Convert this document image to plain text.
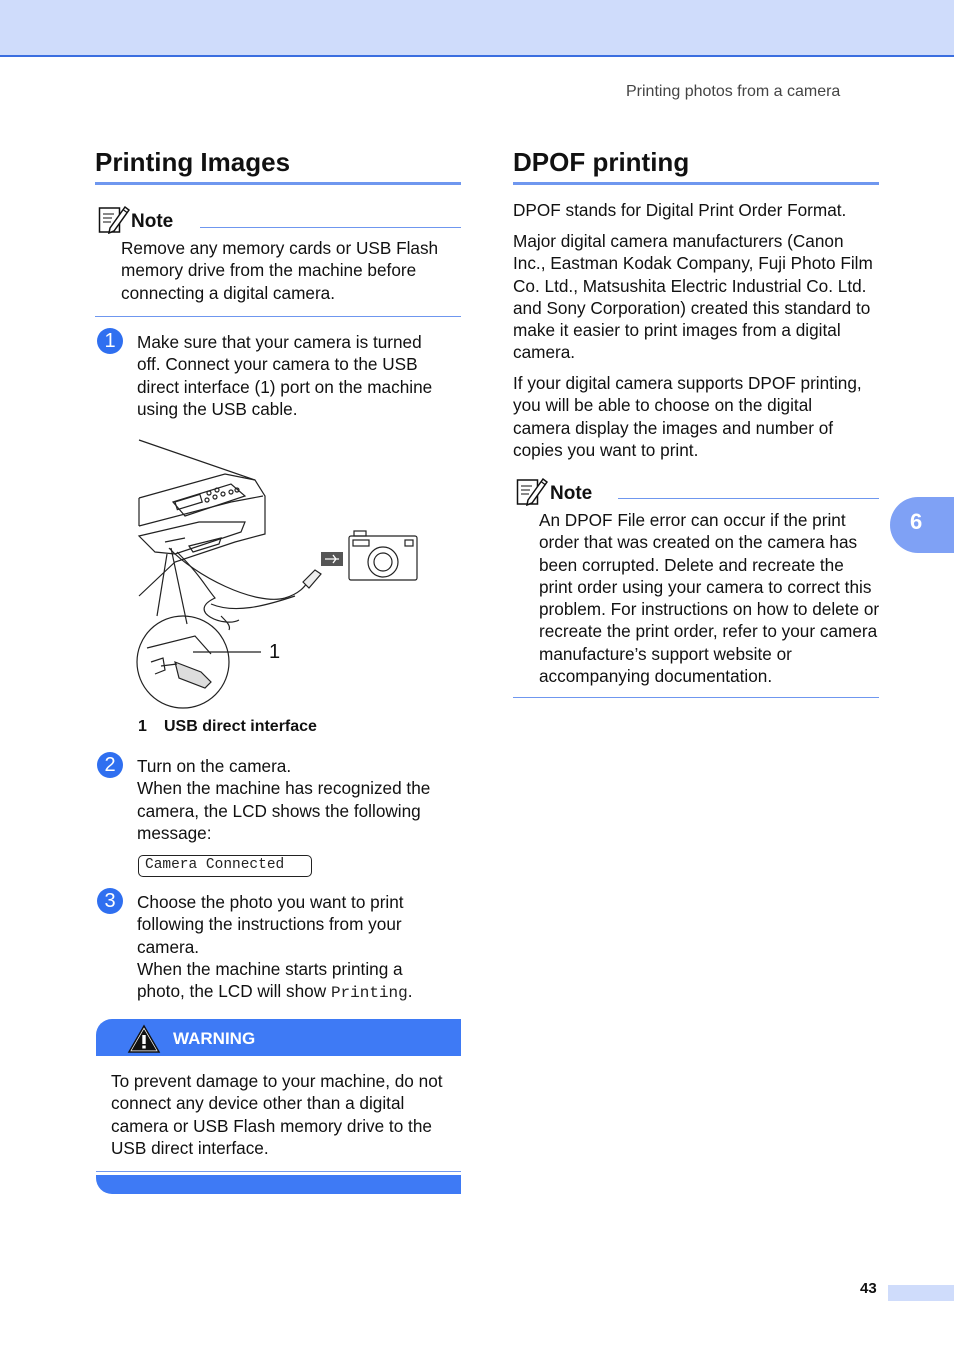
Printing photos from a camera
Printing Images
Note
Remove any memory cards or USB Flash memory drive from the machine before connecting a digital camera.
1	Make sure that your camera is turned

off. Connect your camera to the USB

direct interface (1) port on the machine

using the USB cable.

1
1 USB direct interface
2	Turn on the camera.

When the machine has recognized the

camera, the LCD shows the following

message:

Camera Connected
3	Choose the photo you want to print

following the instructions from your

camera.

When the machine starts printing a

photo, the LCD will show Printing.

WARNING
To prevent damage to your machine, do not connect any device other than a digital camera or USB Flash memory drive to the USB direct interface.
DPOF printing
DPOF stands for Digital Print Order Format.
Major digital camera manufacturers (Canon Inc., Eastman Kodak Company, Fuji Photo Film Co. Ltd., Matsushita Electric Industrial Co. Ltd. and Sony Corporation) created this standard to make it easier to print images from a digital camera.
If your digital camera supports DPOF printing, you will be able to choose on the digital camera display the images and number of copies you want to print.
Note
An DPOF File error can occur if the print order that was created on the camera has been corrupted. Delete and recreate the print order using your camera to correct this problem. For instructions on how to delete or recreate the print order, refer to your camera manufacture’s support website or accompanying documentation.
6
43
